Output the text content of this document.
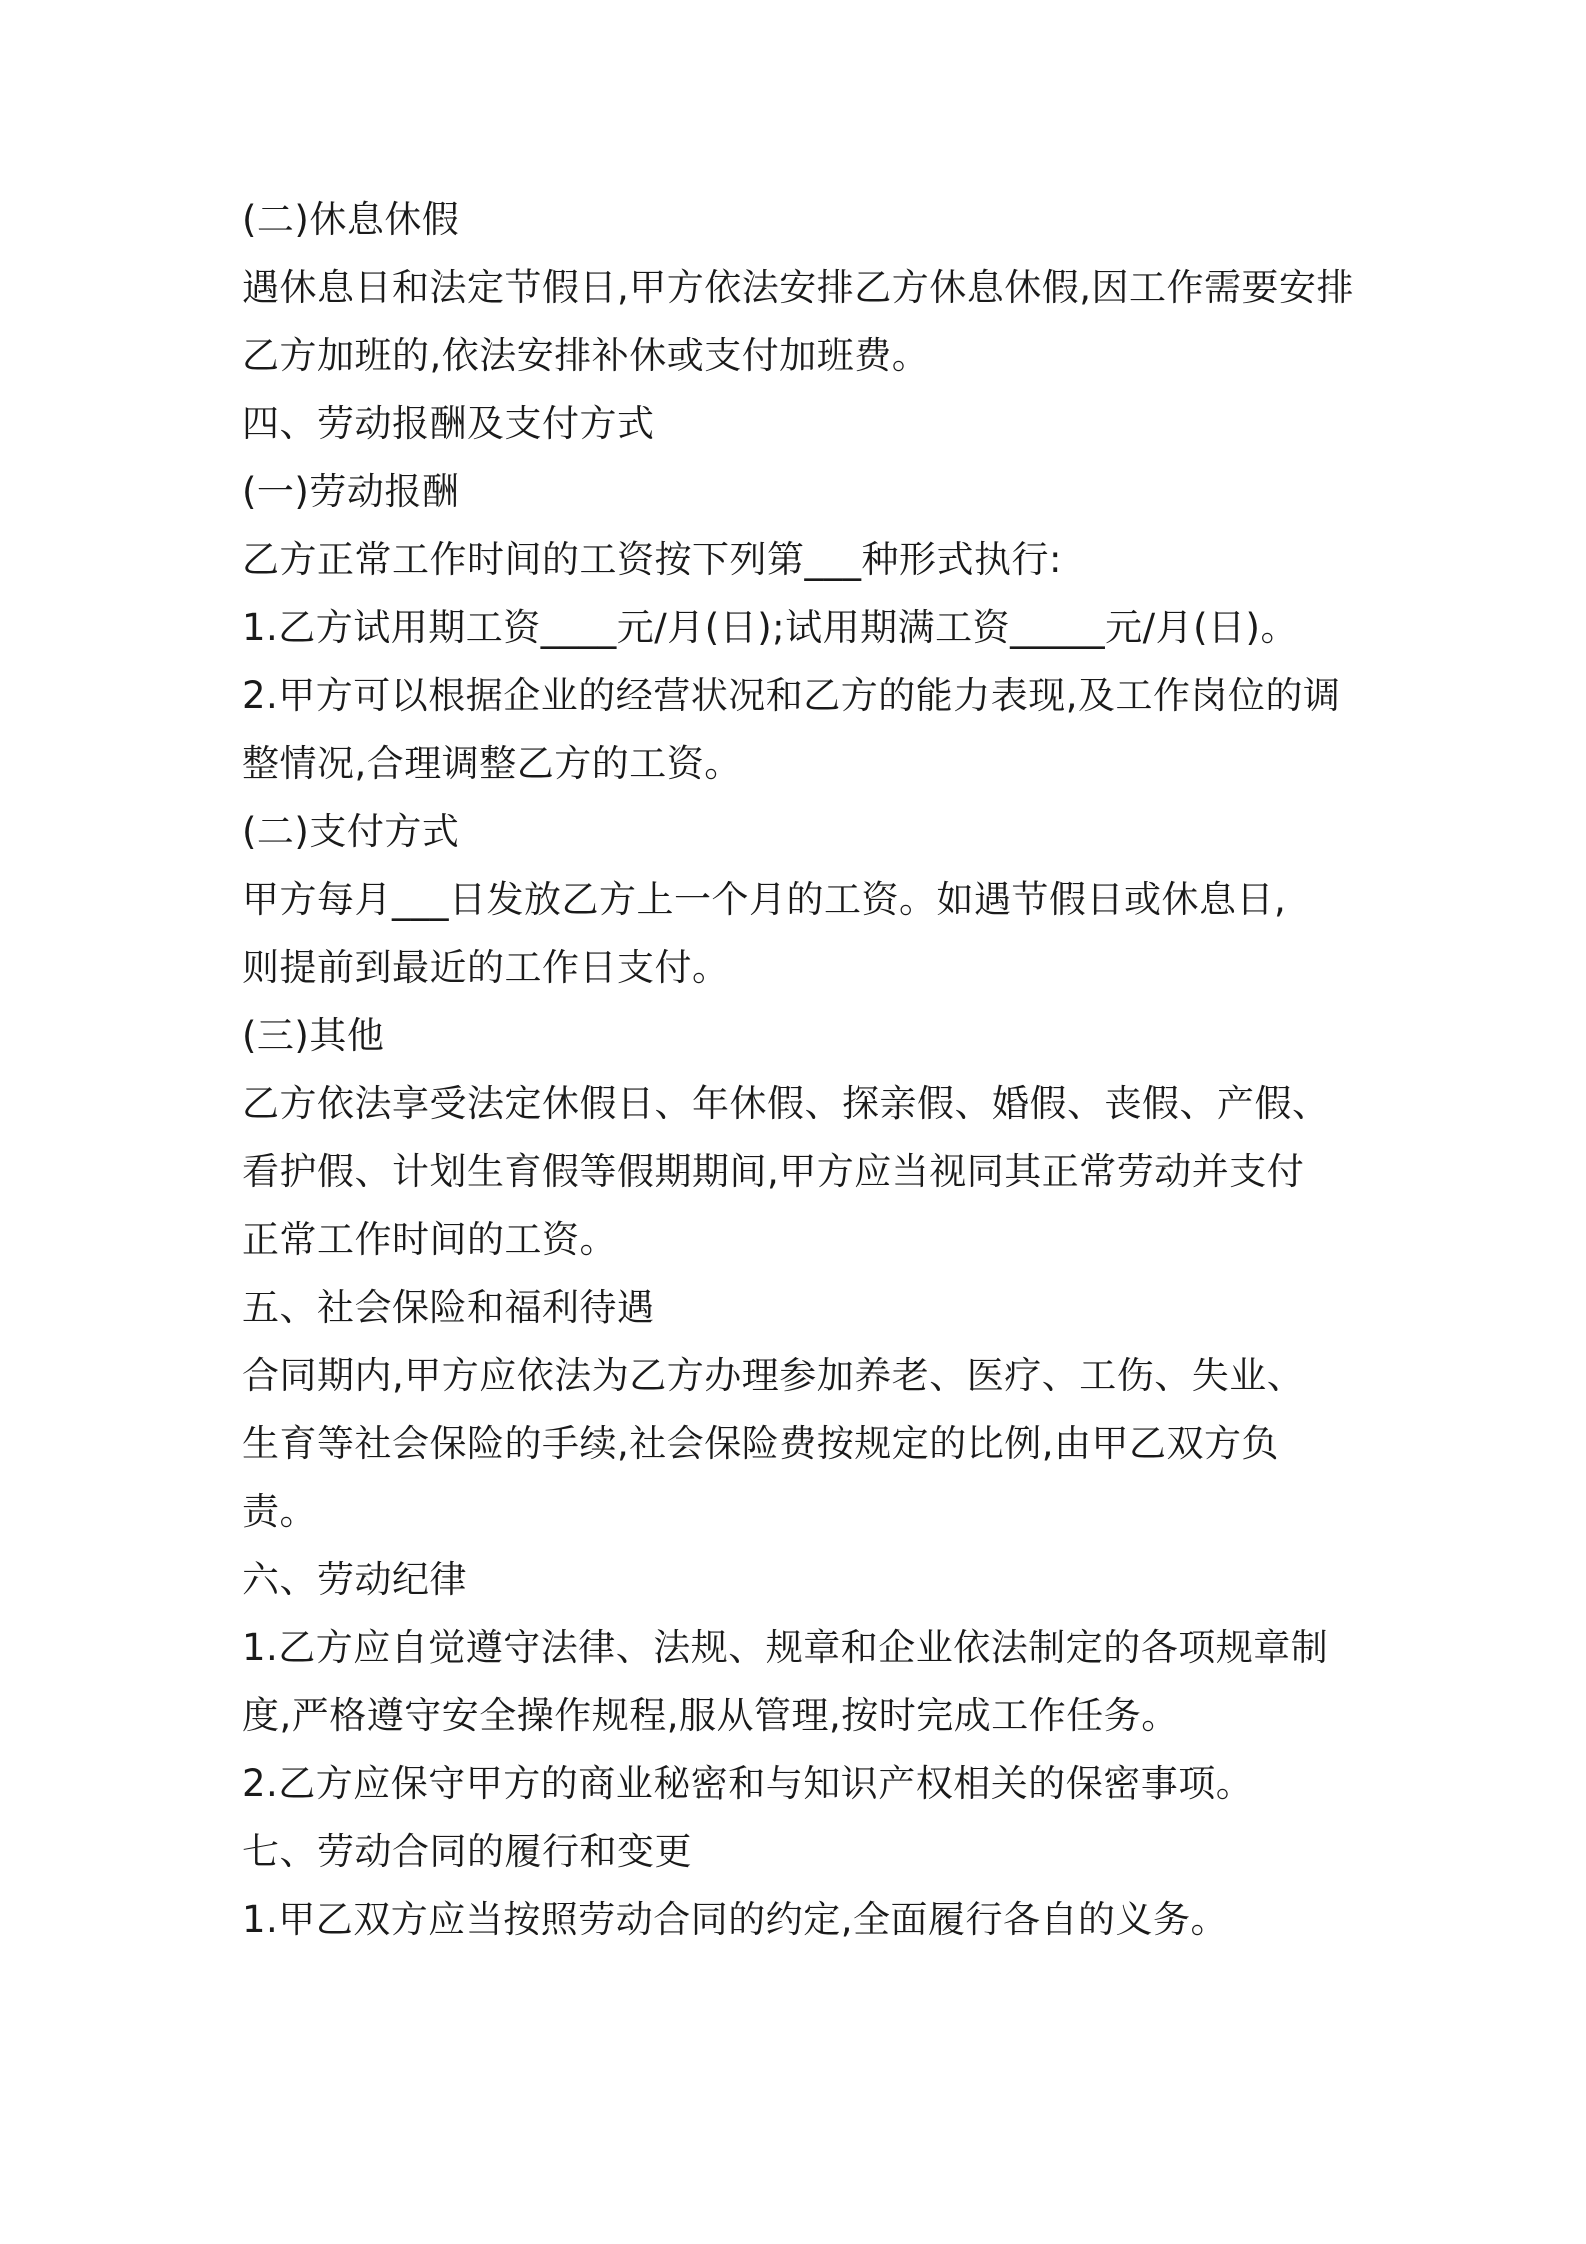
(二)休息休假
遇休息日和法定节假日,甲方依法安排乙方休息休假,因工作需要安排
乙方加班的,依法安排补休或支付加班费。
四、劳动报酬及支付方式
(一)劳动报酬
乙方正常工作时间的工资按下列第___种形式执行:
1.乙方试用期工资____元/月(日);试用期满工资_____元/月(日)。
2.甲方可以根据企业的经营状况和乙方的能力表现,及工作岗位的调
整情况,合理调整乙方的工资。
(二)支付方式
甲方每月___日发放乙方上一个月的工资。如遇节假日或休息日,
则提前到最近的工作日支付。
(三)其他
乙方依法享受法定休假日、年休假、探亲假、婚假、丧假、产假、
看护假、计划生育假等假期期间,甲方应当视同其正常劳动并支付
正常工作时间的工资。
五、社会保险和福利待遇
合同期内,甲方应依法为乙方办理参加养老、医疗、工伤、失业、
生育等社会保险的手续,社会保险费按规定的比例,由甲乙双方负
责。
六、劳动纪律
1.乙方应自觉遵守法律、法规、规章和企业依法制定的各项规章制
度,严格遵守安全操作规程,服从管理,按时完成工作任务。
2.乙方应保守甲方的商业秘密和与知识产权相关的保密事项。
七、劳动合同的履行和变更
1.甲乙双方应当按照劳动合同的约定,全面履行各自的义务。
